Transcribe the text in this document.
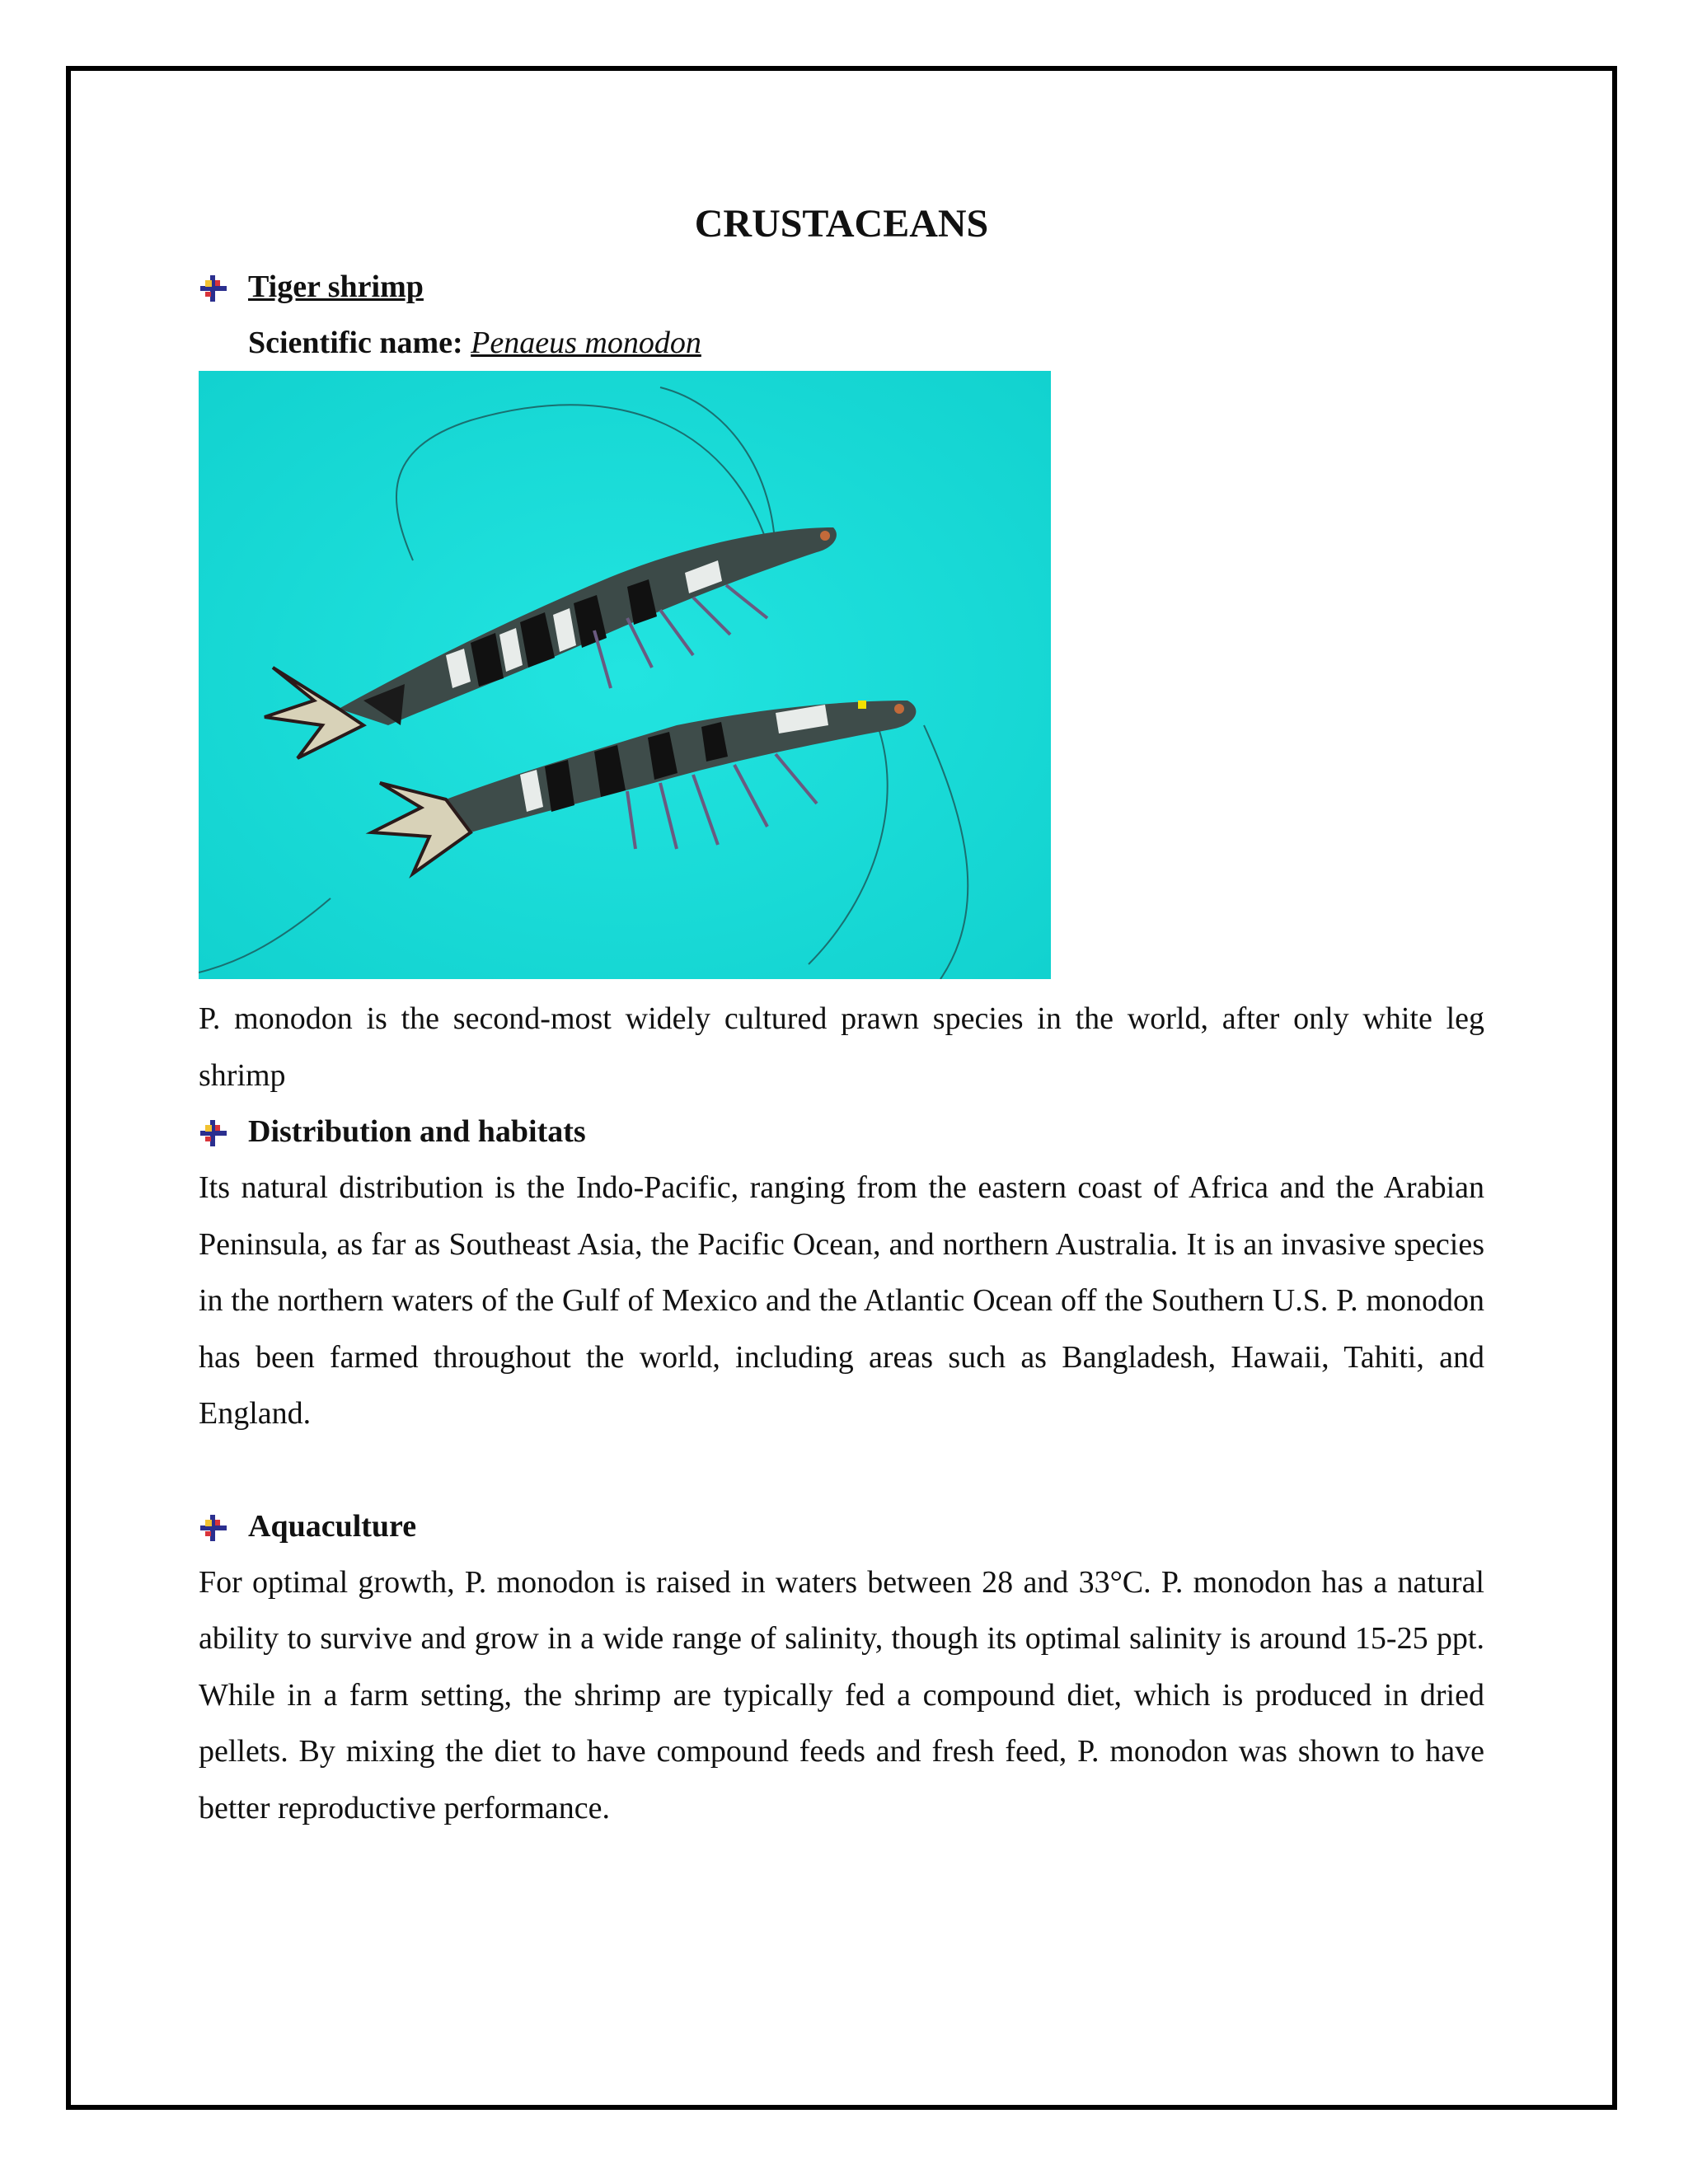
CRUSTACEANS
Tiger shrimp
Scientific name: Penaeus monodon

P. monodon is the second-most widely cultured prawn species in the world, after only white leg shrimp

Distribution and habitats

Its natural distribution is the Indo-Pacific, ranging from the eastern coast of Africa and the Arabian Peninsula, as far as Southeast Asia, the Pacific Ocean, and northern Australia. It is an invasive species in the northern waters of the Gulf of Mexico and the Atlantic Ocean off the Southern U.S. P. monodon has been farmed throughout the world, including areas such as Bangladesh, Hawaii, Tahiti, and England.

Aquaculture

For optimal growth, P. monodon is raised in waters between 28 and 33°C. P. monodon has a natural ability to survive and grow in a wide range of salinity, though its optimal salinity is around 15-25 ppt. While in a farm setting, the shrimp are typically fed a compound diet, which is produced in dried pellets. By mixing the diet to have compound feeds and fresh feed, P. monodon was shown to have better reproductive performance.
